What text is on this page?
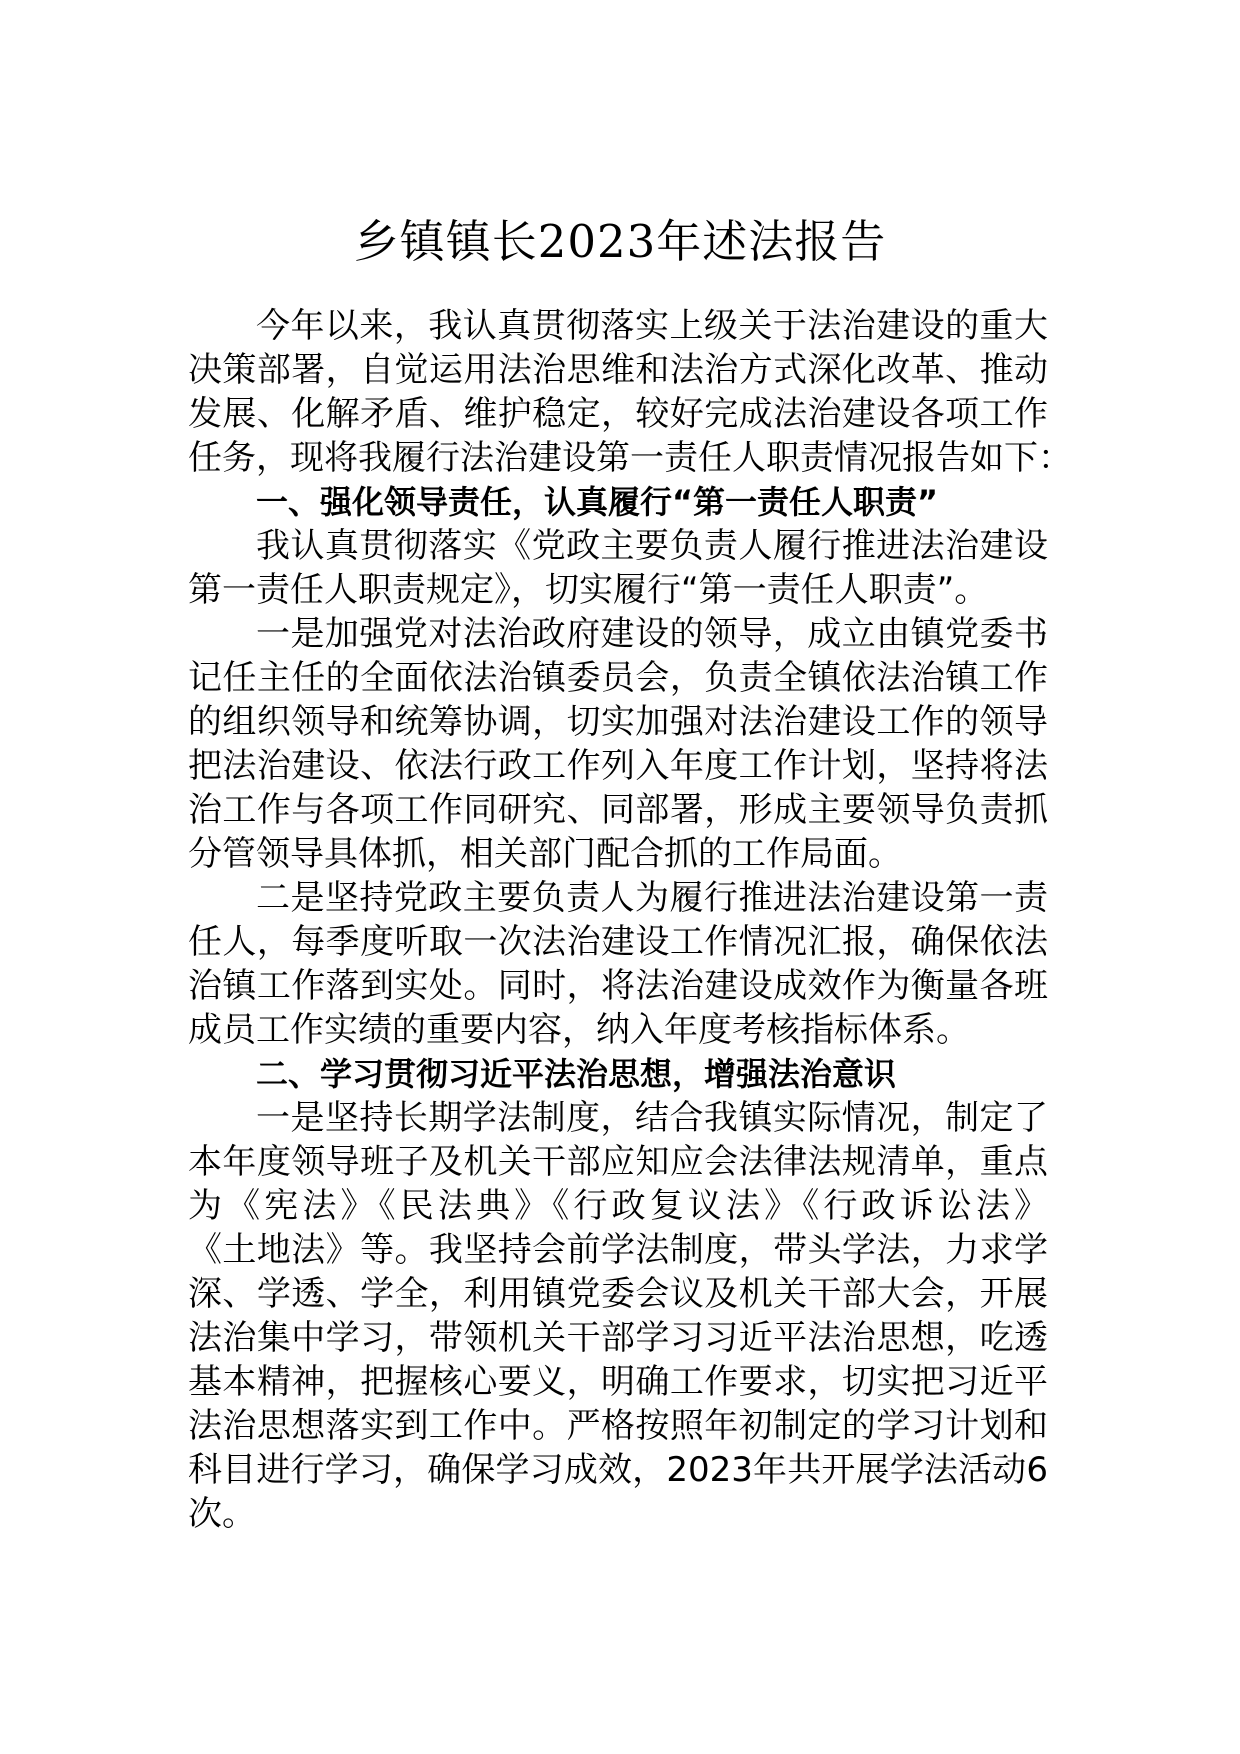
乡镇镇长2023年述法报告
今年以来，我认真贯彻落实上级关于法治建设的重大
决策部署，自觉运用法治思维和法治方式深化改革、推动
发展、化解矛盾、维护稳定，较好完成法治建设各项工作
任务，现将我履行法治建设第一责任人职责情况报告如下：
一、强化领导责任，认真履行“第一责任人职责”
我认真贯彻落实《党政主要负责人履行推进法治建设
第一责任人职责规定》，切实履行“第一责任人职责”。
一是加强党对法治政府建设的领导，成立由镇党委书
记任主任的全面依法治镇委员会，负责全镇依法治镇工作
的组织领导和统筹协调，切实加强对法治建设工作的领导
把法治建设、依法行政工作列入年度工作计划，坚持将法
治工作与各项工作同研究、同部署，形成主要领导负责抓
分管领导具体抓，相关部门配合抓的工作局面。
二是坚持党政主要负责人为履行推进法治建设第一责
任人，每季度听取一次法治建设工作情况汇报，确保依法
治镇工作落到实处。同时，将法治建设成效作为衡量各班
成员工作实绩的重要内容，纳入年度考核指标体系。
二、学习贯彻习近平法治思想，增强法治意识
一是坚持长期学法制度，结合我镇实际情况，制定了
本年度领导班子及机关干部应知应会法律法规清单，重点
为《宪法》《民法典》《行政复议法》《行政诉讼法》
《土地法》等。我坚持会前学法制度，带头学法，力求学
深、学透、学全，利用镇党委会议及机关干部大会，开展
法治集中学习，带领机关干部学习习近平法治思想，吃透
基本精神，把握核心要义，明确工作要求，切实把习近平
法治思想落实到工作中。严格按照年初制定的学习计划和
科目进行学习，确保学习成效，2023年共开展学法活动6
次。
